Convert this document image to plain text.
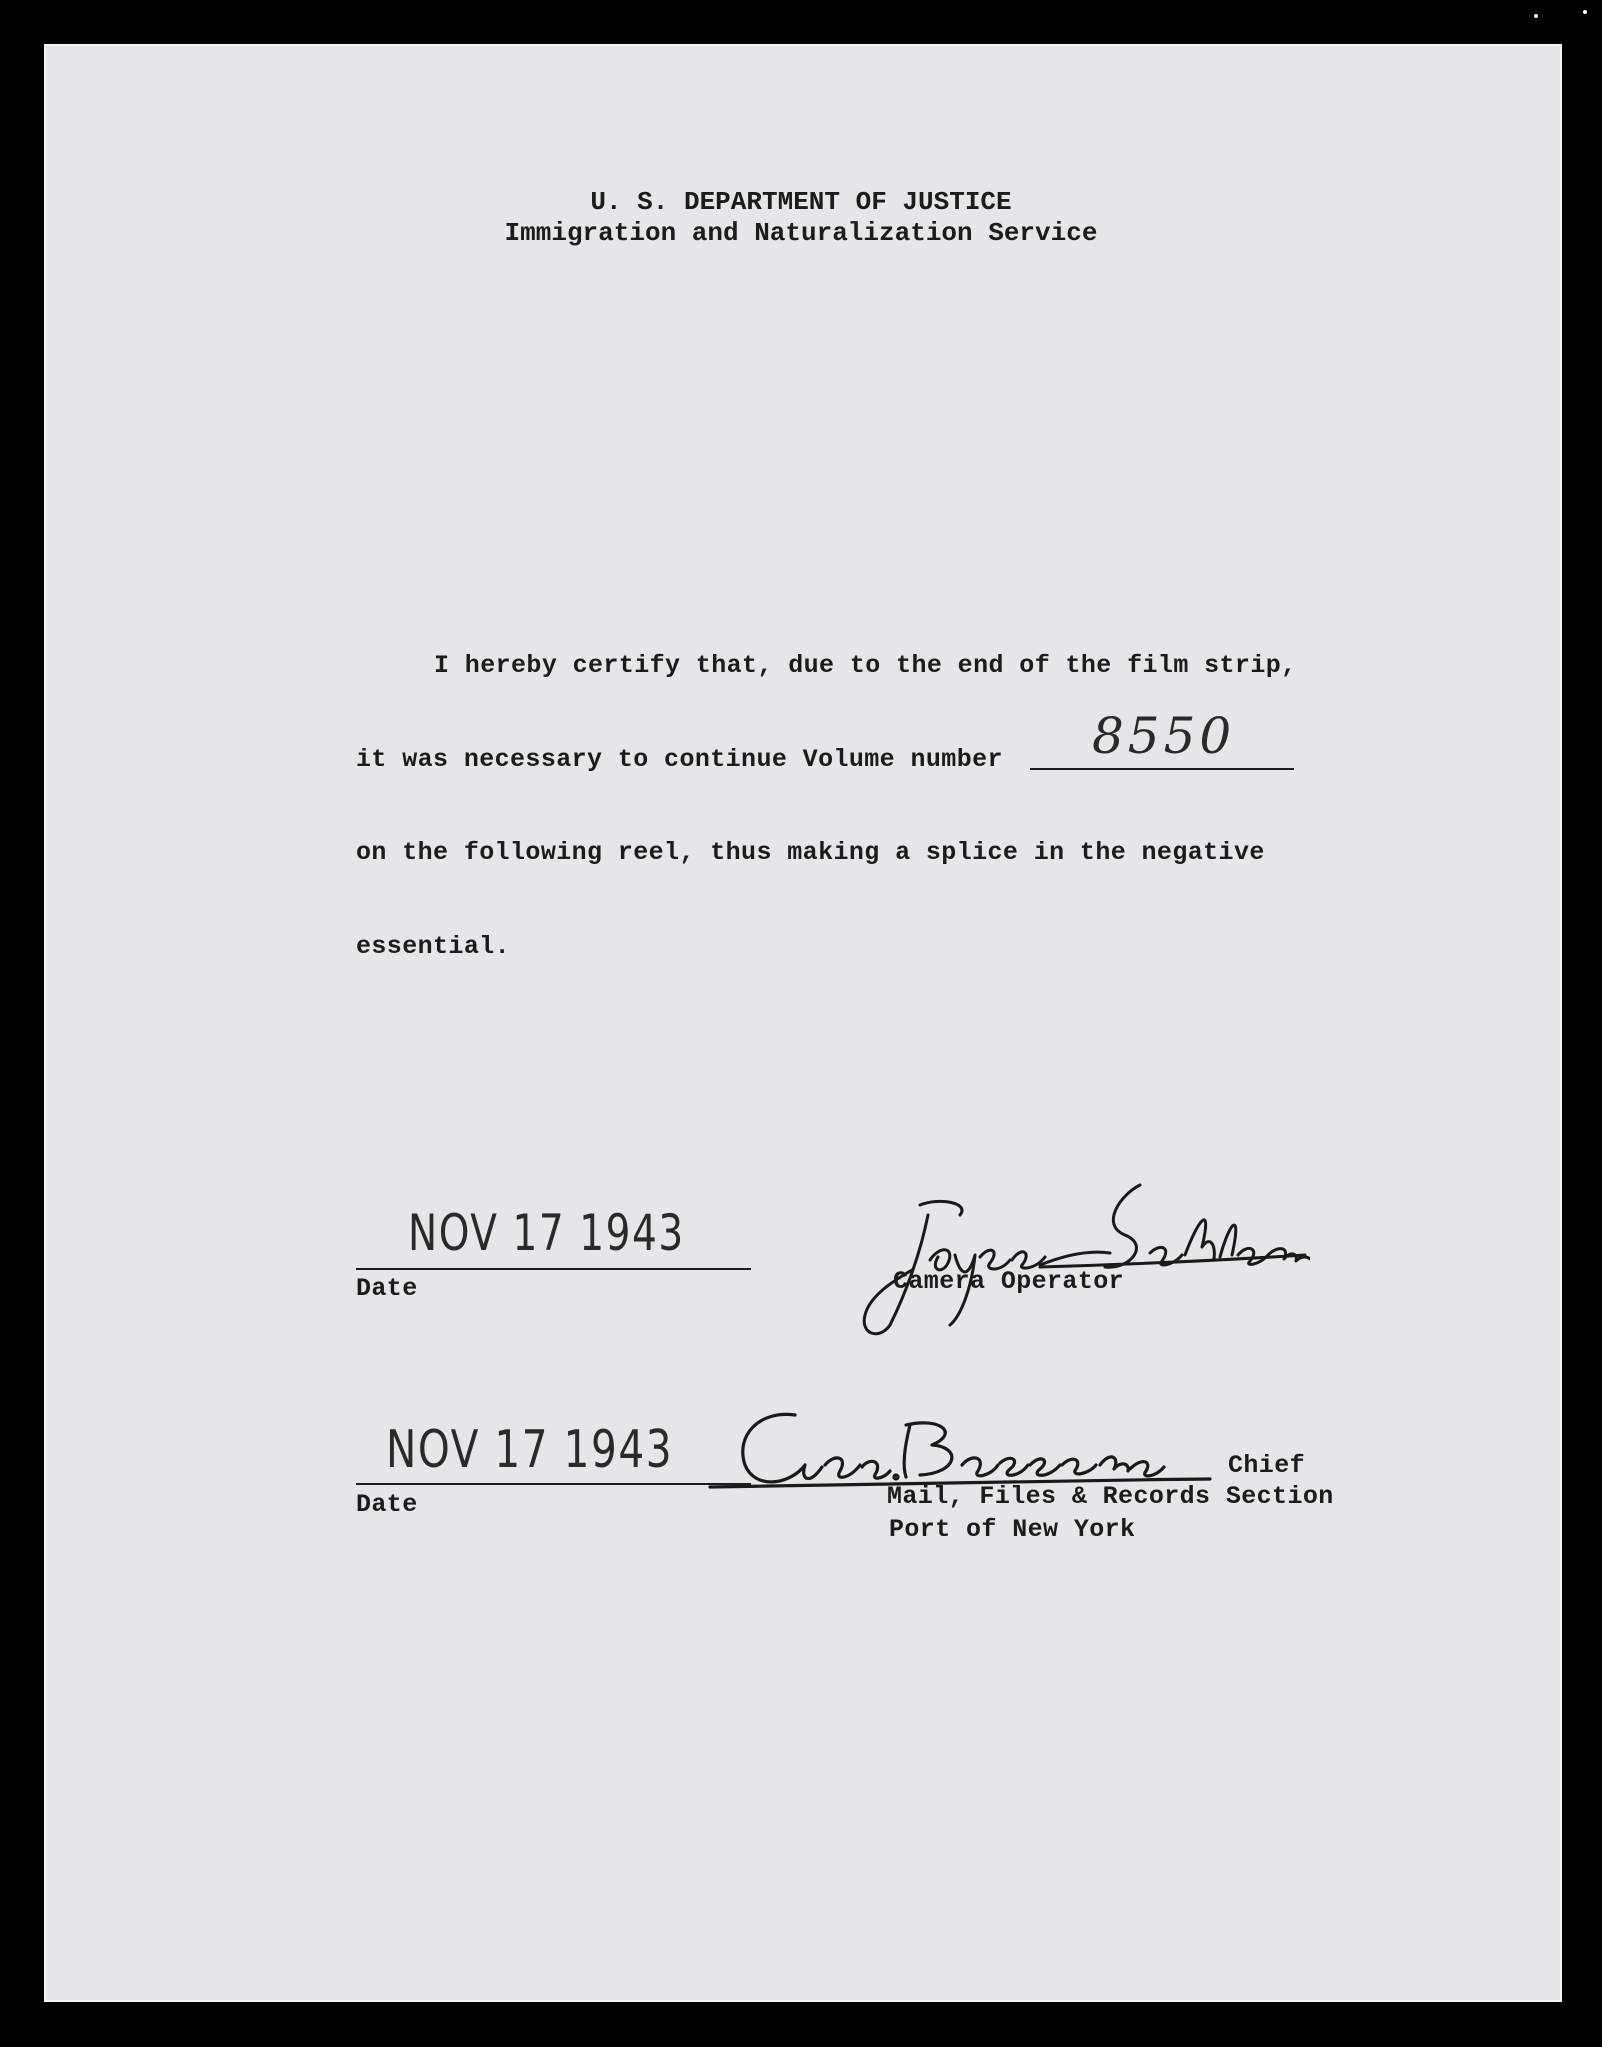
U. S. DEPARTMENT OF JUSTICE
Immigration and Naturalization Service
I hereby certify that, due to the end of the film strip,
it was necessary to continue Volume number 8550
on the following reel, thus making a splice in the negative
essential.
NOV 17 1943
Date	Camera Operator
NOV 17 1943
Date
Chief
Mail, Files & Records Section
Port of New York
